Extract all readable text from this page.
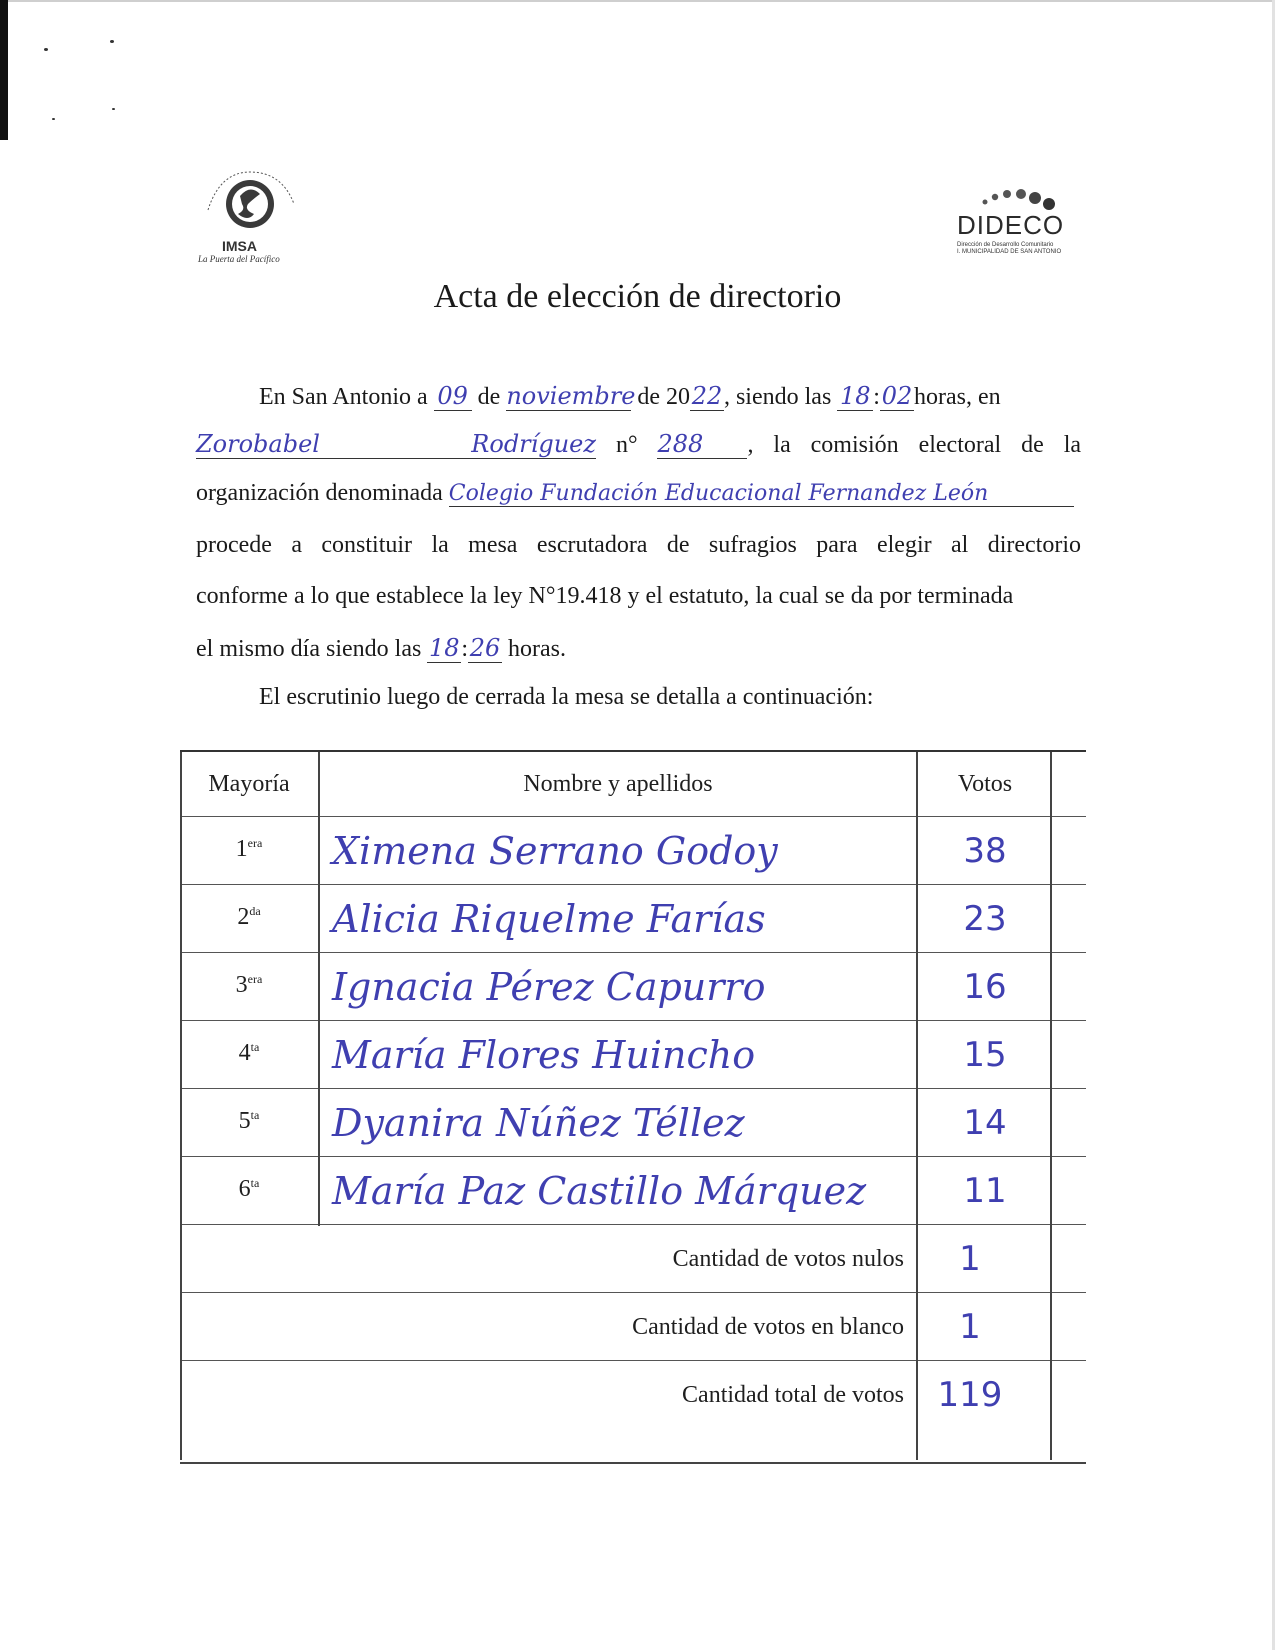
IMSA
La Puerta del Pacífico
DIDECO
Dirección de Desarrollo Comunitario
I. MUNICIPALIDAD DE SAN ANTONIO
Acta de elección de directorio
En San Antonio a 09 de noviembre de 2022, siendo las 18 :02horas, en
Zorobabel Rodríguez n° 288 , la comisión electoral de la
organización denominada Colegio Fundación Educacional Fernandez León
procede a constituir la mesa escrutadora de sufragios para elegir al directorio
conforme a lo que establece la ley N°19.418 y el estatuto, la cual se da por terminada
el mismo día siendo las 18:26 horas.
El escrutinio luego de cerrada la mesa se detalla a continuación:
Mayoría	Nombre y apellidos	Votos
$1^{era}$	Ximena Serrano Godoy	38
$2^{da}$	Alicia Riquelme Farías	23
$3^{era}$	Ignacia Pérez Capurro	16
$4^{ta}$	María Flores Huincho	15
$5^{ta}$	Dyanira Núñez Téllez	14
$6^{ta}$	María Paz Castillo Márquez	11
Cantidad de votos nulos	1
Cantidad de votos en blanco	1
Cantidad total de votos 119
